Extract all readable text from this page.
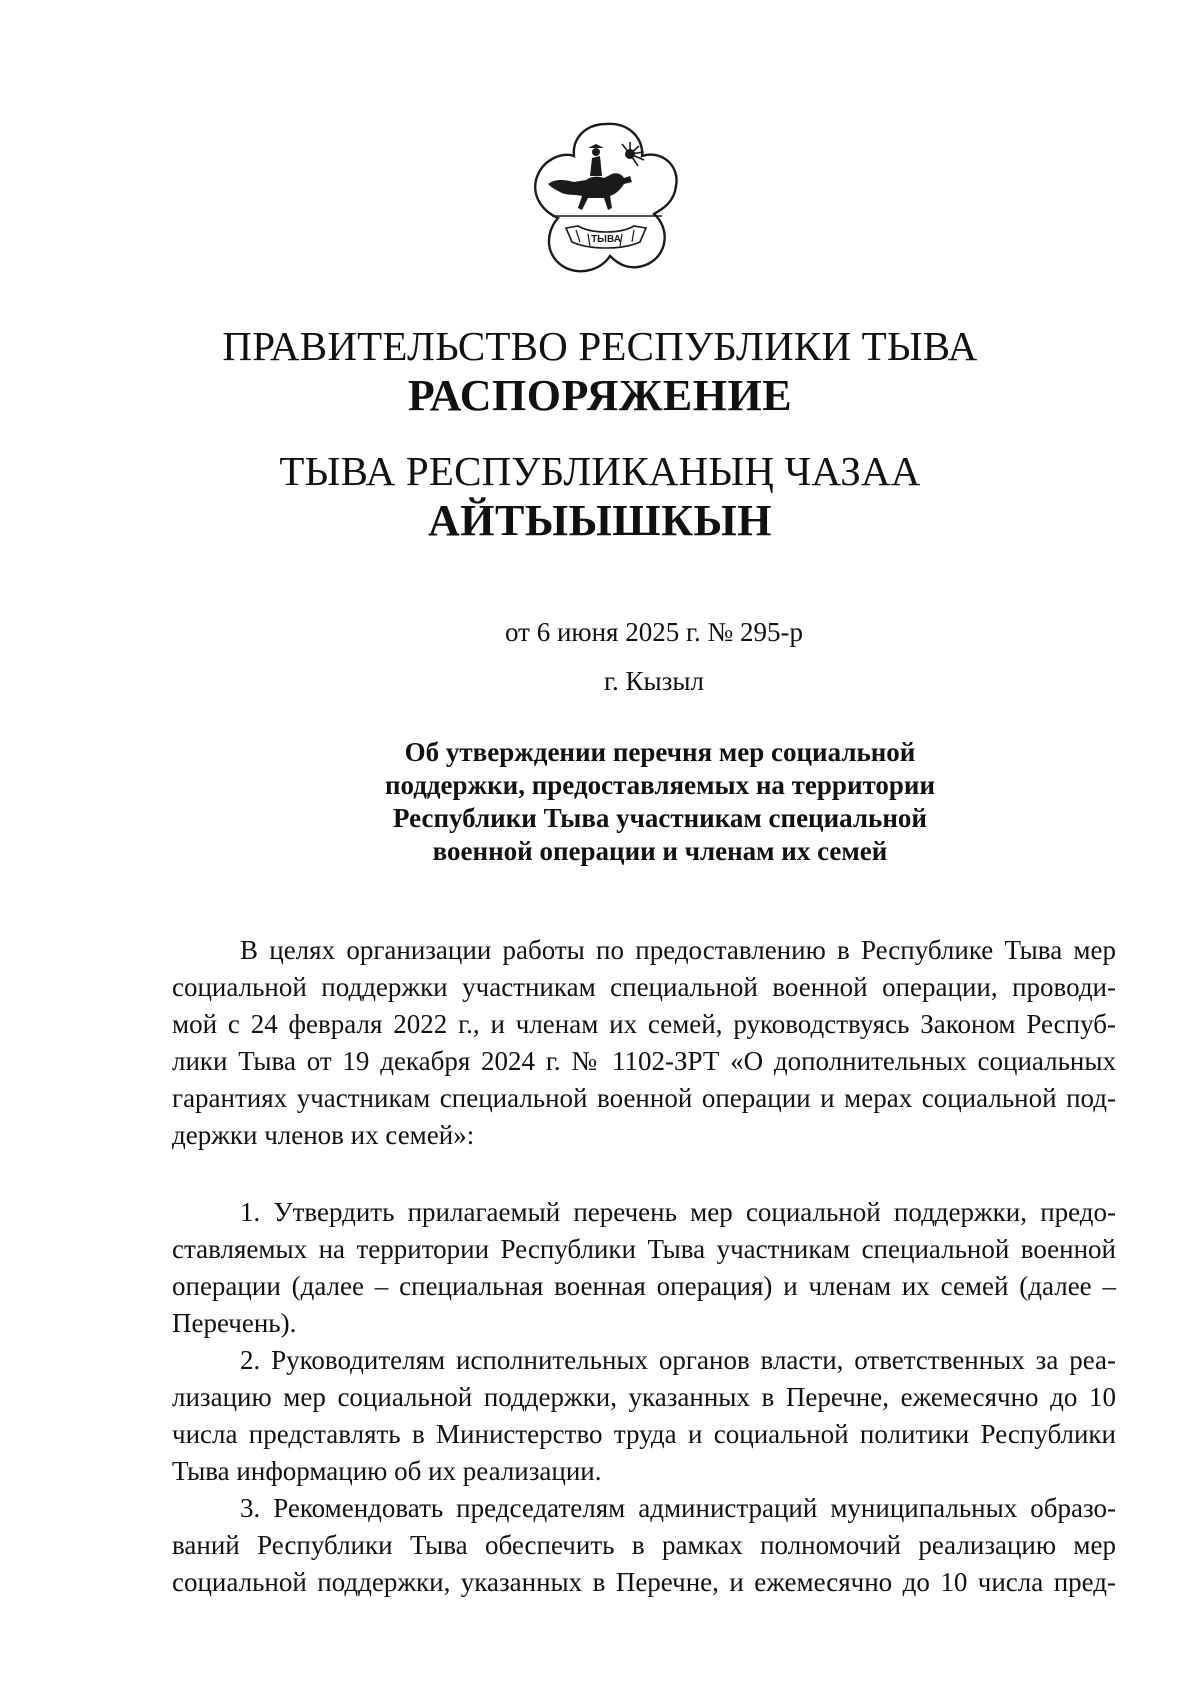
ТЫВА
ПРАВИТЕЛЬСТВО РЕСПУБЛИКИ ТЫВА
РАСПОРЯЖЕНИЕ
ТЫВА РЕСПУБЛИКАНЫҢ ЧАЗАА
АЙТЫЫШКЫН
от 6 июня 2025 г. № 295-р
г. Кызыл
Об утверждении перечня мер социальной
поддержки, предоставляемых на территории
Республики Тыва участникам специальной
военной операции и членам их семей
В целях организации работы по предоставлению в Республике Тыва мер
социальной поддержки участникам специальной военной операции, проводи-
мой с 24 февраля 2022 г., и членам их семей, руководствуясь Законом Респуб-
лики Тыва от 19 декабря 2024 г. № 1102-ЗРТ «О дополнительных социальных
гарантиях участникам специальной военной операции и мерах социальной под-
держки членов их семей»:
1. Утвердить прилагаемый перечень мер социальной поддержки, предо-
ставляемых на территории Республики Тыва участникам специальной военной
операции (далее – специальная военная операция) и членам их семей (далее –
Перечень).
2. Руководителям исполнительных органов власти, ответственных за реа-
лизацию мер социальной поддержки, указанных в Перечне, ежемесячно до 10
числа представлять в Министерство труда и социальной политики Республики
Тыва информацию об их реализации.
3. Рекомендовать председателям администраций муниципальных образо-
ваний Республики Тыва обеспечить в рамках полномочий реализацию мер
социальной поддержки, указанных в Перечне, и ежемесячно до 10 числа пред-
